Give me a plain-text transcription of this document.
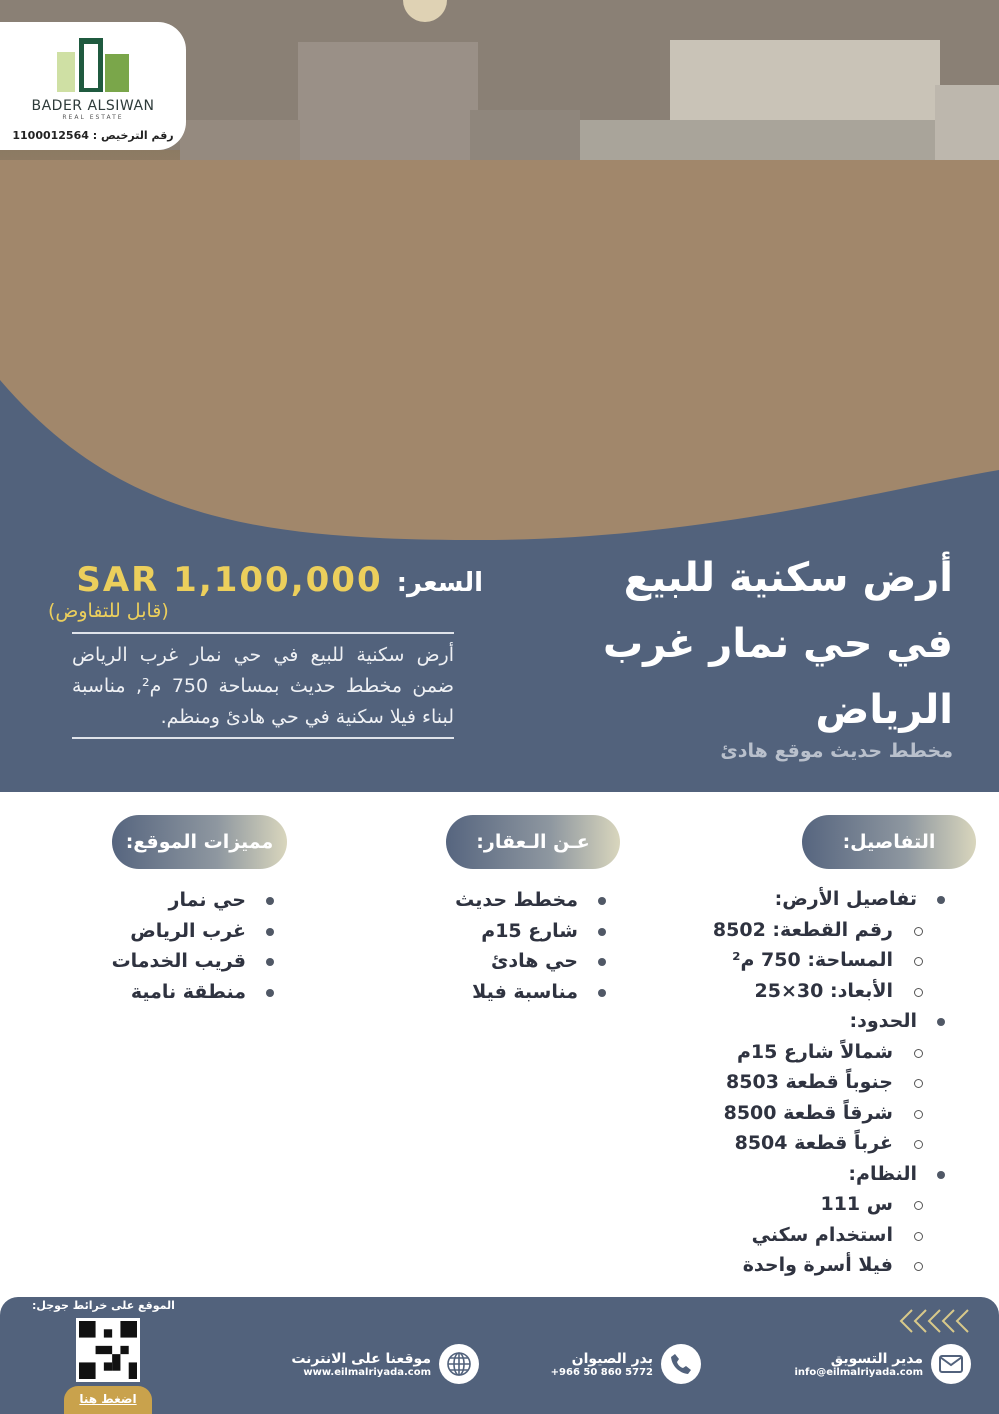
BADER ALSIWAN
REAL ESTATE
رقم الترخيص : 1100012564
أرض سكنية للبيع
في حي نمار غرب
الرياض
مخطط حديث موقع هادئ
السعر:
SAR 1,100,000
(قابل للتفاوض)
أرض سكنية للبيع في حي نمار غرب الرياض ضمن مخطط حديث بمساحة 750 م², مناسبة لبناء فيلا سكنية في حي هادئ ومنظم.
التفاصيل:
تفاصيل الأرض:
رقم القطعة: 8502
المساحة: 750 م²
الأبعاد: 30×25
الحدود:
شمالاً شارع 15م
جنوباً قطعة 8503
شرقاً قطعة 8500
غرباً قطعة 8504
النظام:
س 111
استخدام سكني
فيلا أسرة واحدة
عـن الـعقار:
مخطط حديث
شارع 15م
حي هادئ
مناسبة فيلا
مميزات الموقع:
حي نمار
غرب الرياض
قريب الخدمات
منطقة نامية
الموقع على خرائط جوجل:
اضغط هنا
مدير التسويق
info@eilmalriyada.com
بدر الصيوان
+966 50 860 5772
موقعنا على الانترنت
www.eilmalriyada.com
